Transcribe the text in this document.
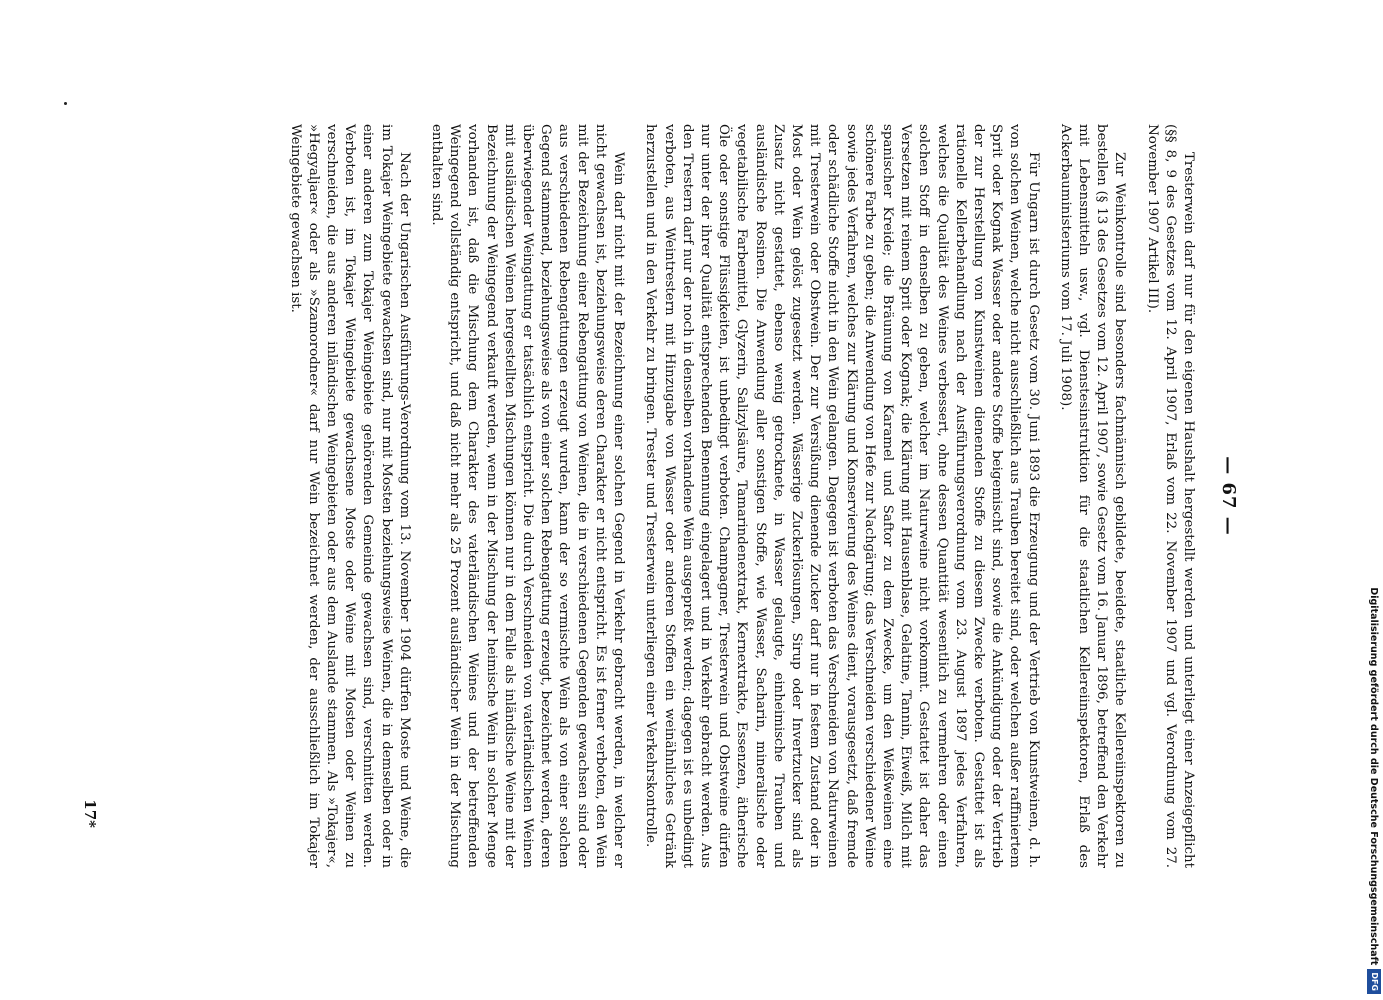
— 67 —

Tresterwein darf nur für den eigenen Haushalt hergestellt werden und unterliegt einer Anzeigepflicht (§§ 8, 9 des Gesetzes vom 12. April 1907, Erlaß vom 22. November 1907 und vgl. Verordnung vom 27. November 1907 Artikel III).

Zur Weinkontrolle sind besonders fachmännisch gebildete, beeidete, staatliche Kellereiinspektoren zu bestellen (§ 13 des Gesetzes vom 12. April 1907, sowie Gesetz vom 16. Januar 1896, betreffend den Verkehr mit Lebensmitteln usw., vgl. Dienstesinstruktion für die staatlichen Kellereiinspektoren, Erlaß des Ackerbauministeriums vom 17. Juli 1908).

Für Ungarn ist durch Gesetz vom 30. Juni 1893 die Erzeugung und der Vertrieb von Kunstweinen, d. h. von solchen Weinen, welche nicht ausschließlich aus Trauben bereitet sind, oder welchen außer raffiniertem Sprit oder Kognak Wasser oder andere Stoffe beigemischt sind, sowie die Ankündigung oder der Vertrieb der zur Herstellung von Kunstweinen dienenden Stoffe zu diesem Zwecke verboten. Gestattet ist als rationelle Kellerbehandlung nach der Ausführungsverordnung vom 23. August 1897 jedes Verfahren, welches die Qualität des Weines verbessert, ohne dessen Quantität wesentlich zu vermehren oder einen solchen Stoff in denselben zu geben, welcher im Naturweine nicht vorkommt. Gestattet ist daher das Versetzen mit reinem Sprit oder Kognak; die Klärung mit Hausenblase, Gelatine, Tannin, Eiweiß, Milch mit spanischer Kreide; die Bräunung von Karamel und Saftor zu dem Zwecke, um den Weißweinen eine schönere Farbe zu geben; die Anwendung von Hefe zur Nachgärung; das Verschneiden verschiedener Weine sowie jedes Verfahren, welches zur Klärung und Konservierung des Weines dient, vorausgesetzt, daß fremde oder schädliche Stoffe nicht in den Wein gelangen. Dagegen ist verboten das Verschneiden von Naturweinen mit Tresterwein oder Obstwein. Der zur Versüßung dienende Zucker darf nur in festem Zustand oder in Most oder Wein gelöst zugesetzt werden. Wässerige Zuckerlösungen, Sirup oder Invertzucker sind als Zusatz nicht gestattet, ebenso wenig getrocknete, in Wasser gelaugte, einheimische Trauben und ausländische Rosinen. Die Anwendung aller sonstigen Stoffe, wie Wasser, Sacharin, mineralische oder vegetabilische Farbemittel, Glyzerin, Salizylsäure, Tamarindenextrakt, Kernextrakte, Essenzen, ätherische Öle oder sonstige Flüssigkeiten, ist unbedingt verboten. Champagner, Tresterwein und Obstweine dürfen nur unter der ihrer Qualität entsprechenden Benennung eingelagert und in Verkehr gebracht werden. Aus den Trestern darf nur der noch in denselben vorhandene Wein ausgepreßt werden; dagegen ist es unbedingt verboten, aus Weintrestern mit Hinzugabe von Wasser oder anderen Stoffen ein weinähnliches Getränk herzustellen und in den Verkehr zu bringen. Trester und Tresterwein unterliegen einer Verkehrskontrolle.

Wein darf nicht mit der Bezeichnung einer solchen Gegend in Verkehr gebracht werden, in welcher er nicht gewachsen ist, beziehungsweise deren Charakter er nicht entspricht. Es ist ferner verboten, den Wein mit der Bezeichnung einer Rebengattung von Weinen, die in verschiedenen Gegenden gewachsen sind oder aus verschiedenen Rebengattungen erzeugt wurden, kann der so vermischte Wein als von einer solchen Gegend stammend, beziehungsweise als von einer solchen Rebengattung erzeugt, bezeichnet werden, deren überwiegender Weingattung er tatsächlich entspricht. Die durch Verschneiden von vaterländischen Weinen mit ausländischen Weinen hergestellten Mischungen können nur in dem Falle als inländische Weine mit der Bezeichnung der Weingegend verkauft werden, wenn in der Mischung der heimische Wein in solcher Menge vorhanden ist, daß die Mischung dem Charakter des vaterländischen Weines und der betreffenden Weingegend vollständig entspricht, und daß nicht mehr als 25 Prozent ausländischer Wein in der Mischung enthalten sind.

Nach der Ungarischen Ausführungs-Verordnung vom 13. November 1904 dürfen Moste und Weine, die im Tokajer Weingebiete gewachsen sind, nur mit Mosten beziehungsweise Weinen, die in demselben oder in einer anderen zum Tokajer Weingebiete gehörenden Gemeinde gewachsen sind, verschnitten werden. Verboten ist, im Tokajer Weingebiete gewachsene Moste oder Weine mit Mosten oder Weinen zu verschneiden, die aus anderen inländischen Weingebieten oder aus dem Auslande stammen. Als »Tokajer«, »Hegyaljaer« oder als »Szamorodner« darf nur Wein bezeichnet werden, der ausschließlich im Tokajer Weingebiete gewachsen ist.

17*	Digitalisierung gefördert durch die Deutsche Forschungsgemeinschaft
DFG
